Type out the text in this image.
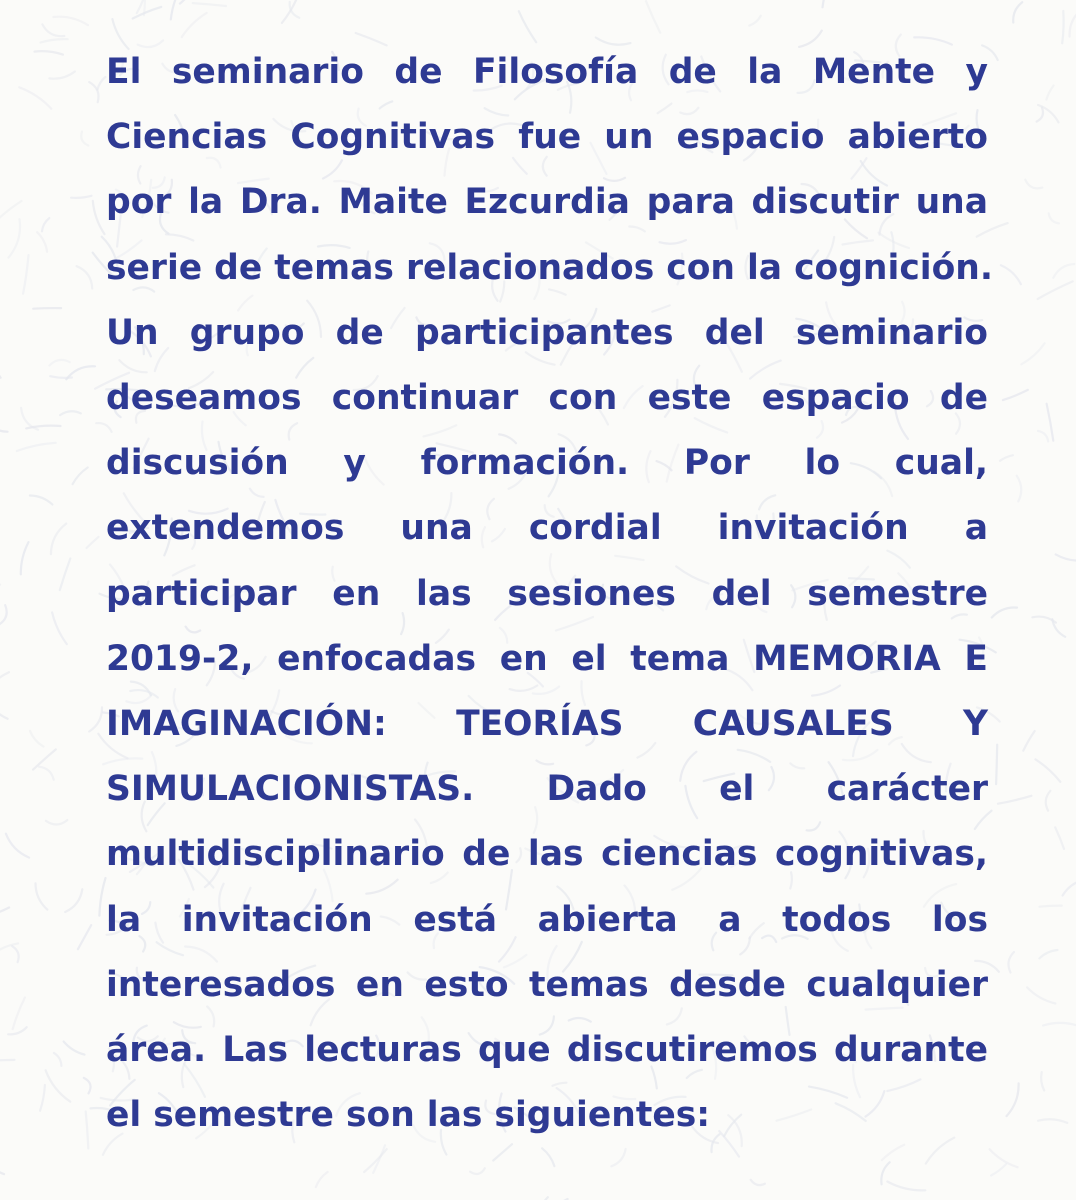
El seminario de Filosofía de la Mente y
Ciencias Cognitivas fue un espacio abierto
por la Dra. Maite Ezcurdia para discutir una
serie de temas relacionados con la cognición.
Un grupo de participantes del seminario
deseamos continuar con este espacio de
discusión y formación. Por lo cual,
extendemos una cordial invitación a
participar en las sesiones del semestre
2019-2, enfocadas en el tema MEMORIA E
IMAGINACIÓN: TEORÍAS CAUSALES Y
SIMULACIONISTAS. Dado el carácter
multidisciplinario de las ciencias cognitivas,
la invitación está abierta a todos los
interesados en esto temas desde cualquier
área. Las lecturas que discutiremos durante
el semestre son las siguientes:
